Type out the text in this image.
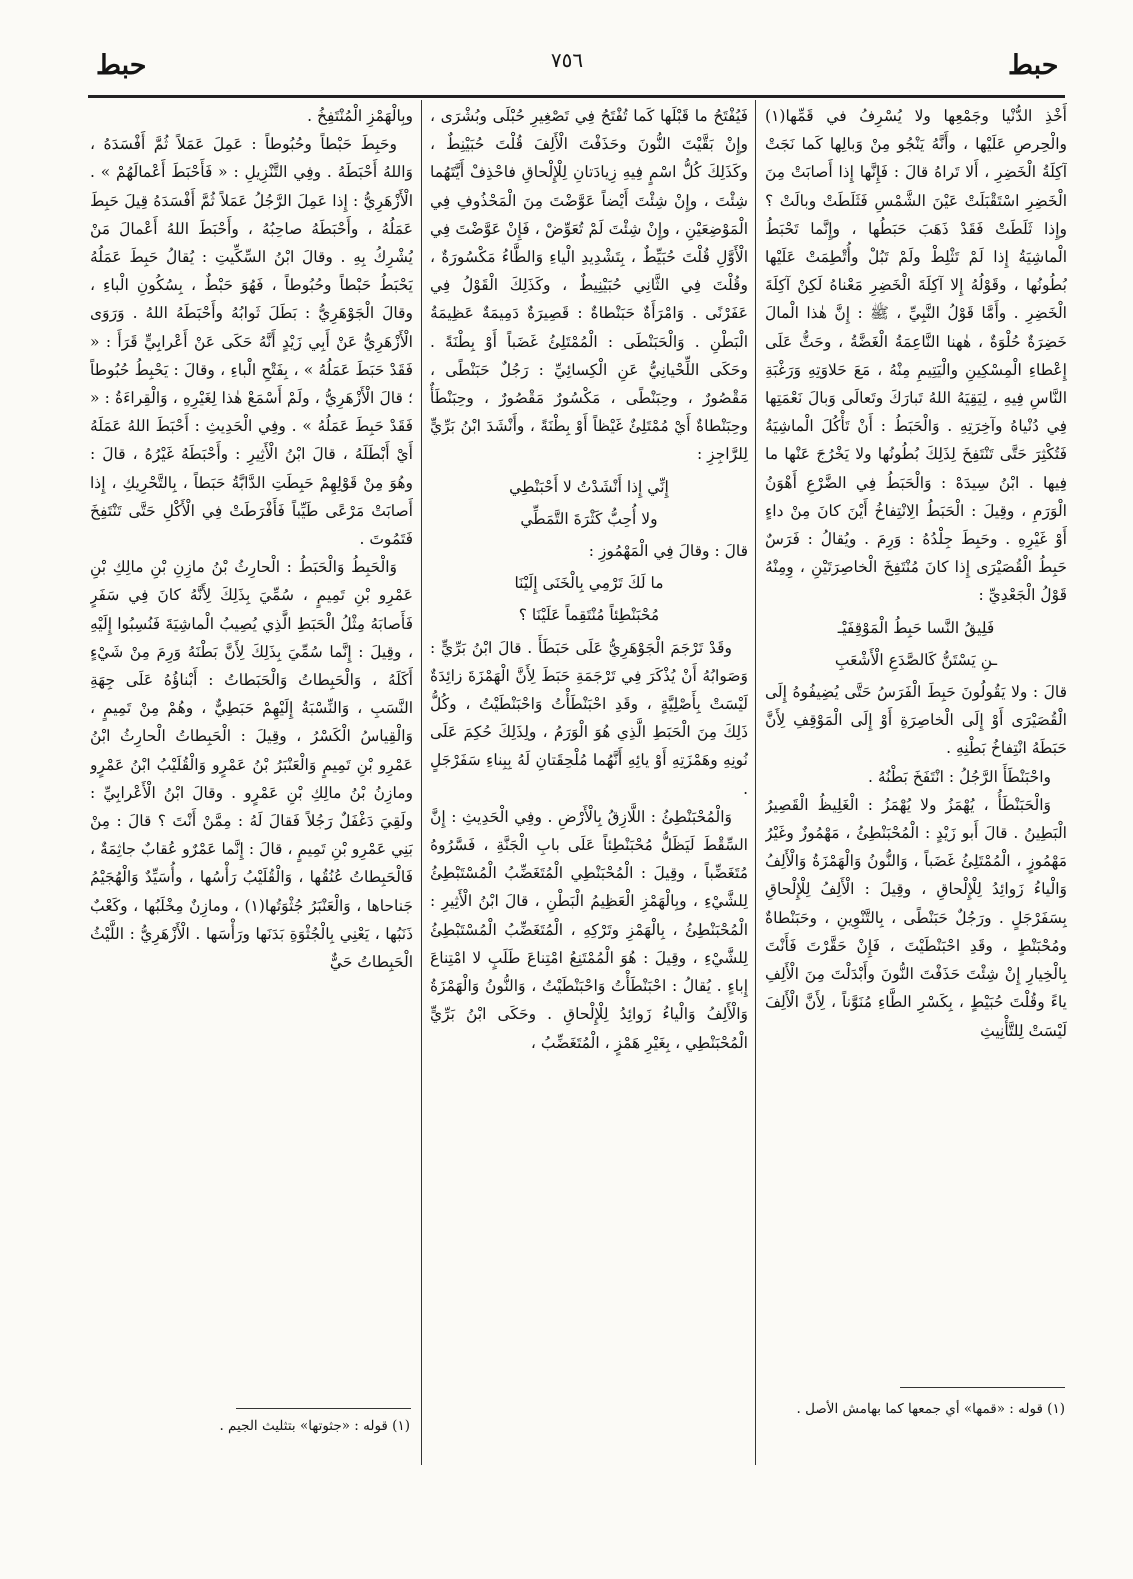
حبط
٧٥٦
حبط

أَخْذِ الدُّنْيا وجَمْعِها ولا يُسْرِفُ في قَمِّها(١) والْحِرصِ عَلَيْها ، وأَنَّهُ يَنْجُو مِنْ وَبالِها كَما نَجَتْ آكِلَةُ الْخَضِرِ ، أَلا تَراهُ قالَ : فَإِنَّها إِذا أَصابَتْ مِنَ الْخَضِرِ اسْتَقْبَلَتْ عَيْنَ الشَّمْسِ فَثَلَطَتْ وبالَتْ ؟ وإِذا ثَلَطَتْ فَقَدْ ذَهَبَ حَبَطُها ، وإِنَّما تَحْبَطُ الْماشِيَةُ إِذا لَمْ تَثْلِطْ ولَمْ تَبُلْ وأُتْطِمَتْ عَلَيْها بُطُونُها ، وقَوْلُهُ إِلا آكِلَةَ الْخَضِرِ مَعْناهُ لَكِنْ آكِلَةَ الْخَضِرِ . وأَمَّا قَوْلُ النَّبِيِّ ، ﷺ : إِنَّ هٰذا الْمالَ خَضِرَةٌ حُلْوَةٌ ، هٰهنا النَّاعِمَةُ الْغَضَّةُ ، وحَثُّ عَلَى إِعْطاءِ الْمِسْكِينِ والْيَتِيمِ مِنْهُ ، مَعَ حَلاوَتِهِ وَرَغْبَةِ النَّاسِ فِيهِ ، لِيَقِيَهُ اللهُ تَبارَكَ وتَعالَى وَبالَ نَعْمَتِها فِي دُنْياهُ وآخِرَتِهِ . وَالْحَبَطُ : أَنْ تَأْكُلَ الْماشِيَةُ فَتُكْثِرَ حَتَّى تَنْتَفِخَ لِذَلِكَ بُطُونُها ولا يَخْرُجَ عَنْها ما فِيها . ابْنُ سِيدَهْ : وَالْحَبَطُ فِي الضَّرْعِ أَهْوَنُ الْوَرَمِ ، وقِيلَ : الْحَبَطُ الِانْتِفاخُ أَيْنَ كانَ مِنْ داءٍ أَوْ غَيْرِهِ . وحَبِطَ جِلْدُهُ : وَرِمَ . ويُقالُ : فَرَسٌ حَبِطُ الْقُصَيْرَى إِذا كانَ مُنْتَفِخَ الْخاصِرَتَيْنِ ، وِمِنْهُ قَوْلُ الْجَعْدِيِّ :

فَلِيقُ النَّسا حَبِطُ الْمَوْقِفَيْـ

ـنِ يَسْتَنُّ كَالصَّدَعِ الْأَشْعَبِ

قالَ : ولا يَقُولُونَ حَبِطَ الْفَرَسُ حَتَّى يُضِيفُوهُ إِلَى الْقُصَيْرَى أَوْ إِلَى الْخاصِرَةِ أَوْ إِلَى الْمَوْقِفِ لِأَنَّ حَبَطَهُ انْتِفاخُ بَطْنِهِ .

واحْبَنْطَأَ الرَّجُلُ : انْتَفَخَ بَطْنُهُ .

وَالْحَبَنْطَأُ ، يُهْمَزُ ولا يُهْمَزُ : الْغَلِيظُ الْقَصِيرُ الْبَطِينُ . قالَ أَبو زَيْدٍ : الْمُحْبَنْطِئُ ، مَهْمُوزٌ وغَيْرُ مَهْمُوزٍ ، الْمُمْتَلِئُ غَضَباً ، وَالنُّونُ وَالْهَمْزَةُ وَالْأَلِفُ وَالْياءُ زَوائِدُ لِلْإِلْحاقِ ، وقِيلَ : الْأَلِفُ لِلْإِلْحاقِ بِسَفَرْجَلٍ . ورَجُلٌ حَبَنْطًى ، بِالتَّنْوِينِ ، وحَبَنْطاةٌ ومُحْبَنْطٍ ، وقَدِ احْبَنْطَيْتَ ، فَإِنْ حَقَّرْتَ فَأَنْتَ بِالْخِيارِ إِنْ شِئْتَ حَذَفْتَ النُّونَ وأَبْدَلْتَ مِنَ الْأَلِفِ ياءً وقُلْتَ حُبَيْطٍ ، بِكَسْرِ الطَّاءِ مُنَوَّناً ، لِأَنَّ الْأَلِفَ لَيْسَتْ لِلتَّأْنِيثِ

فَيُفْتَحُ ما قَبْلَها كَما تُفْتَحُ فِي تَصْغِيرِ حُبْلَى وبُشْرَى ، وإِنْ بَقَّيْتَ النُّونَ وحَذَفْتَ الْأَلِفَ قُلْتَ حُبَيْنِطٌ ، وكَذَلِكَ كُلُّ اسْمٍ فِيهِ زِيادَتانِ لِلْإِلْحاقِ فاحْذِفْ أَيَّتَهُما شِئْتَ ، وإِنْ شِئْتَ أَيْضاً عَوَّضْتَ مِنَ الْمَحْذُوفِ فِي الْمَوْضِعَيْنِ ، وإِنْ شِئْتَ لَمْ تُعَوِّضْ ، فَإِنْ عَوَّضْتَ فِي الْأَوَّلِ قُلْتَ حُبَيِّطٌ ، بِتَشْدِيدِ الْياءِ وَالطَّاءُ مَكْسُورَةٌ ، وقُلْتَ فِي الثَّانِي حُبَيْنِيطٌ ، وكَذَلِكَ الْقَوْلُ فِي عَفَرْنًى . وَامْرَأَةٌ حَبَنْطاةٌ : قَصِيرَةٌ دَمِيمَةٌ عَظِيمَةُ الْبَطْنِ . وَالْحَبَنْطَى : الْمُمْتَلِئُ غَضَباً أَوْ بِطْنَةً . وحَكَى اللِّحْيانِيُّ عَنِ الْكِسائِيِّ : رَجُلٌ حَبَنْطًى ، مَقْصُورٌ ، وحِبَنْطًى ، مَكْسُورٌ مَقْصُورٌ ، وحِبَنْطَأٌ وحِبَنْطاةٌ أَيْ مُمْتَلِئٌ غَيْظاً أَوْ بِطْنَةً ، وأَنْشَدَ ابْنُ بَرِّيٍّ لِلرَّاجِزِ :

إِنِّي إِذا أَنْشَدْتُ لا أَحْبَنْطِي

ولا أُحِبُّ كَثْرَةَ التَّمَطِّي

قالَ : وقالَ فِي الْمَهْمُوزِ :

ما لَكَ تَرْمِي بِالْخَنَى إِلَيْنَا

مُحْبَنْطِئاً مُنْتَقِماً عَلَيْنَا ؟

وقَدْ تَرْجَمَ الْجَوْهَرِيُّ عَلَى حَبَطَأَ . قالَ ابْنُ بَرِّيٍّ : وَصَوابُهُ أَنْ يُذْكَرَ فِي تَرْجَمَةِ حَبَطَ لِأَنَّ الْهَمْزَةَ زائِدَةٌ لَيْسَتْ بِأَصْلِيَّةٍ ، وقَدِ احْبَنْطَأْتُ وَاحْبَنْطَيْتُ ، وكُلُّ ذَلِكَ مِنَ الْحَبَطِ الَّذِي هُوَ الْوَرَمُ ، ولِذَلِكَ حُكِمَ عَلَى نُونِهِ وهَمْزَتِهِ أَوْ يائِهِ أَنَّهُما مُلْحِقَتانِ لَهُ بِبِناءِ سَفَرْجَلٍ .

وَالْمُحْبَنْطِئُ : اللَّازِقُ بِالْأَرْضِ . وفِي الْحَدِيثِ : إِنَّ السِّقْطَ لَيَظَلُّ مُحْبَنْطِئاً عَلَى بابِ الْجَنَّةِ ، فَسَّرُوهُ مُتَغَضِّباً ، وقِيلَ : الْمُحْبَنْطِي الْمُتَغَضِّبُ الْمُسْتَبْطِئُ لِلشَّيْءِ ، وبِالْهَمْزِ الْعَظِيمُ الْبَطْنِ ، قالَ ابْنُ الْأَثِيرِ : الْمُحْبَنْطِئُ ، بِالْهَمْزِ وتَرْكِهِ ، الْمُتَغَضِّبُ الْمُسْتَبْطِئُ لِلشَّيْءِ ، وقِيلَ : هُوَ الْمُمْتَنِعُ امْتِناعَ طَلَبٍ لا امْتِناعَ إِباءٍ . يُقالُ : احْبَنْطَأْتُ وَاحْبَنْطَيْتُ ، وَالنُّونُ وَالْهَمْزَةُ وَالْأَلِفُ وَالْياءُ زَوائِدُ لِلْإِلْحاقِ . وحَكَى ابْنُ بَرِّيٍّ الْمُحْبَنْطِي ، بِغَيْرِ هَمْزٍ ، الْمُتَغَضِّبُ ،

وبِالْهَمْزِ الْمُنْتَفِخُ .

وحَبِطَ حَبْطاً وحُبُوطاً : عَمِلَ عَمَلاً ثُمَّ أَفْسَدَهُ ، وَاللهُ أَحْبَطَهُ . وفِي التَّنْزِيلِ : « فَأَحْبَطَ أَعْمالَهُمْ » . الْأَزْهَرِيُّ : إِذا عَمِلَ الرَّجُلُ عَمَلاً ثُمَّ أَفْسَدَهُ قِيلَ حَبِطَ عَمَلُهُ ، وأَحْبَطَهُ صاحِبُهُ ، وأَحْبَطَ اللهُ أَعْمالَ مَنْ يُشْرِكُ بِهِ . وقالَ ابْنُ السِّكِّيتِ : يُقالُ حَبِطَ عَمَلُهُ يَحْبَطُ حَبْطاً وحُبُوطاً ، فَهُوَ حَبْطٌ ، بِسُكُونِ الْباءِ ، وقالَ الْجَوْهَرِيُّ : بَطَلَ ثَوابُهُ وأَحْبَطَهُ اللهُ . وَرَوَى الْأَزْهَرِيُّ عَنْ أَبِي زَيْدٍ أَنَّهُ حَكَى عَنْ أَعْرابِيٍّ قَرَأَ : « فَقَدْ حَبَطَ عَمَلُهُ » ، بِفَتْحِ الْباءِ ، وقالَ : يَحْبِطُ حُبُوطاً ؛ قالَ الْأَزْهَرِيُّ ، ولَمْ أَسْمَعْ هٰذا لِغَيْرِهِ ، وَالْقِراءَةُ : « فَقَدْ حَبِطَ عَمَلُهُ » . وفِي الْحَدِيثِ : أَحْبَطَ اللهُ عَمَلَهُ أَيْ أَبْطَلَهُ ، قالَ ابْنُ الْأَثِيرِ : وأَحْبَطَهُ غَيْرُهُ ، قالَ : وهُوَ مِنْ قَوْلِهِمْ حَبِطَتِ الدَّابَّةُ حَبَطاً ، بِالتَّحْرِيكِ ، إِذا أَصابَتْ مَرْعًى طَيِّباً فَأَفْرَطَتْ فِي الْأَكْلِ حَتَّى تَنْتَفِخَ فَتَمُوتَ .

وَالْحَبِطُ وَالْحَبَطُ : الْحارِثُ بْنُ مازِنِ بْنِ مالِكِ بْنِ عَمْرِو بْنِ تَمِيمٍ ، سُمِّيَ بِذَلِكَ لِأَنَّهُ كانَ فِي سَفَرٍ فَأَصابَهُ مِثْلُ الْحَبَطِ الَّذِي يُصِيبُ الْماشِيَةَ فَنُسِبُوا إِلَيْهِ ، وقِيلَ : إِنَّما سُمِّيَ بِذَلِكَ لِأَنَّ بَطْنَهُ وَرِمَ مِنْ شَيْءٍ أَكَلَهُ ، وَالْحَبِطاتُ وَالْحَبَطاتُ : أَبْناؤُهُ عَلَى جِهَةِ النَّسَبِ ، وَالنِّسْبَةُ إِلَيْهِمْ حَبَطِيٌّ ، وهُمْ مِنْ تَمِيمٍ ، وَالْقِياسُ الْكَسْرُ ، وقِيلَ : الْحَبِطاتُ الْحارِثُ ابْنُ عَمْرِو بْنِ تَمِيمٍ وَالْعَنْبَرُ بْنُ عَمْرٍو وَالْقُلَيْبُ ابْنُ عَمْرٍو ومازِنُ بْنُ مالِكِ بْنِ عَمْرٍو . وقالَ ابْنُ الْأَعْرابِيِّ : ولَقِيَ دَغْفَلٌ رَجُلاً فَقالَ لَهُ : مِمَّنْ أَنْتَ ؟ قالَ : مِنْ بَنِي عَمْرِو بْنِ تَمِيمٍ ، قالَ : إِنَّما عَمْرٌو عُقابٌ جاثِمَةٌ ، فَالْحَبِطاتُ عُنُقُها ، وَالْقُلَيْبُ رَأْسُها ، وأُسَيِّدٌ وَالْهُجَيْمُ جَناحاها ، وَالْعَنْبَرُ جُثْوَتُها(١) ، ومازِنٌ مِخْلَبُها ، وكَعْبٌ ذَنَبُها ، يَعْنِي بِالْجُثْوَةِ بَدَنَها ورَأْسَها . الْأَزْهَرِيُّ : اللَّيْثُ الْحَبِطاتُ حَيٌّ

(١) قوله : «قمها» أي جمعها كما بهامش الأصل .
(١) قوله : «جثوتها» بتثليث الجيم .
